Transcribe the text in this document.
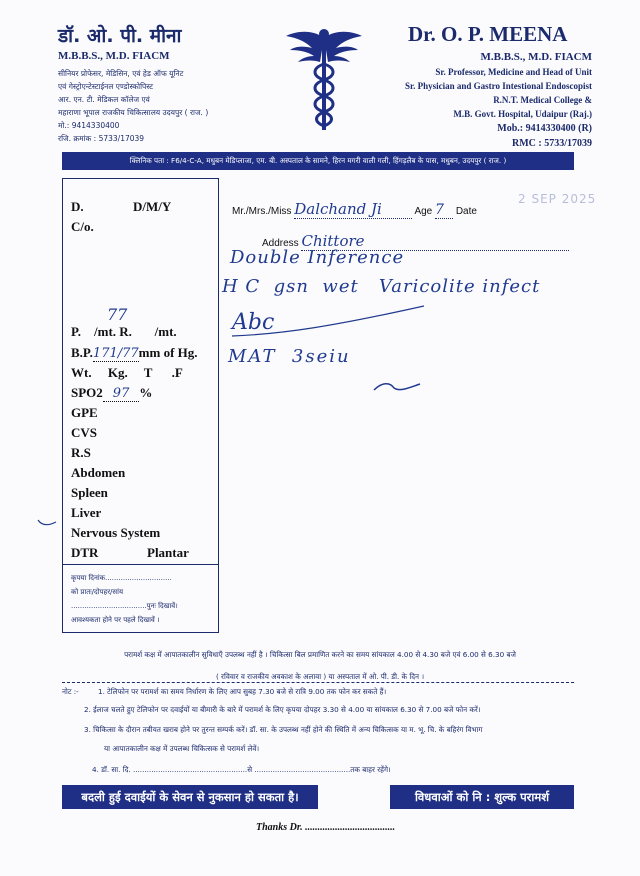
डॉ. ओ. पी. मीना
M.B.B.S., M.D. FIACM
सीनियर प्रोफेसर, मेडिसिन, एवं हेड ऑफ यूनिट
एवं गेस्ट्रोएन्टेस्टाईनल एण्डोस्कोपिस्ट
आर. एन. टी. मेडिकल कॉलेज एवं
महाराणा भूपाल राजकीय चिकित्सालय उदयपुर ( राज. )
मो.: 9414330400
रजि. क्रमांक : 5733/17039
Dr. O. P. MEENA
M.B.B.S., M.D. FIACM
Sr. Professor, Medicine and Head of Unit
Sr. Physician and Gastro Intestional Endoscopist
R.N.T. Medical College &
M.B. Govt. Hospital, Udaipur (Raj.)
Mob.: 9414330400 (R)
RMC : 5733/17039
क्लिनिक पता : F6/4-C-A, मधुबन मेडिप्लाजा, एम. बी. अस्पताल के सामने, हिरन मगरी वाली गली, हिंगड़लैब के पास, मधुबन, उदयपुर ( राज. )
D.	D/M/Y
C/o.
77
P.    /mt. R.       /mt.
B.P.171/77mm of Hg.
Wt.     Kg.     T      .F
SPO2 97 %
GPE
CVS
R.S
Abdomen
Spleen
Liver
Nervous System
DTR	Plantar
कृपया दिनांक..............................
को प्रातः/दोपहर/सांय
..................................पुनः दिखावें।
आवश्यकता होने पर पहले दिखावें ।
Mr./Mrs./Miss Dalchand Ji	Age 7 Date
2 SEP 2025
Address Chittore
Double Inference
H C  gsn  wet   Varicolite infect
Abc
MAT  3seiu
परामर्श कक्ष में आपातकालीन सुविधाएँ उपलब्ध नहीं है । चिकित्सा बिल प्रमाणित करने का समय सांयकाल 4.00 से 4.30 बजे एवं 6.00 से 6.30 बजे
( रविवार व राजकीय अवकाश के अलावा ) या अस्पताल में ओ. पी. डी. के दिन ।
नोट :-	1. टेलिफोन पर परामर्श का समय निर्धारण के लिए आप सुबह 7.30 बजे से रात्रि 9.00 तक फोन कर सकते हैं।
2. ईलाज चलते हुए टेलिफोन पर दवाईयों या बीमारी के बारे में परामर्श के लिए कृपया दोपहर 3.30 से 4.00 या सांयकाल 6.30 से 7.00 बजे फोन करें।
3. चिकित्सा के दौरान तबीयत खराब होने पर तुरन्त सम्पर्क करें। डॉ. सा. के उपलब्ध नहीं होने की स्थिति में अन्य चिकित्सक या म. भू. चि. के बहिरंग विभाग
या आपातकालीन कक्ष में उपलब्ध चिकित्सक से परामर्श लेवें।
4. डॉ. सा. दि. ..................................................से ..........................................तक बाहर रहेंगे।
बदली हुई दवाईयों के सेवन से नुकसान हो सकता है।	विधवाओं को नि : शुल्क परामर्श
Thanks Dr. ....................................
